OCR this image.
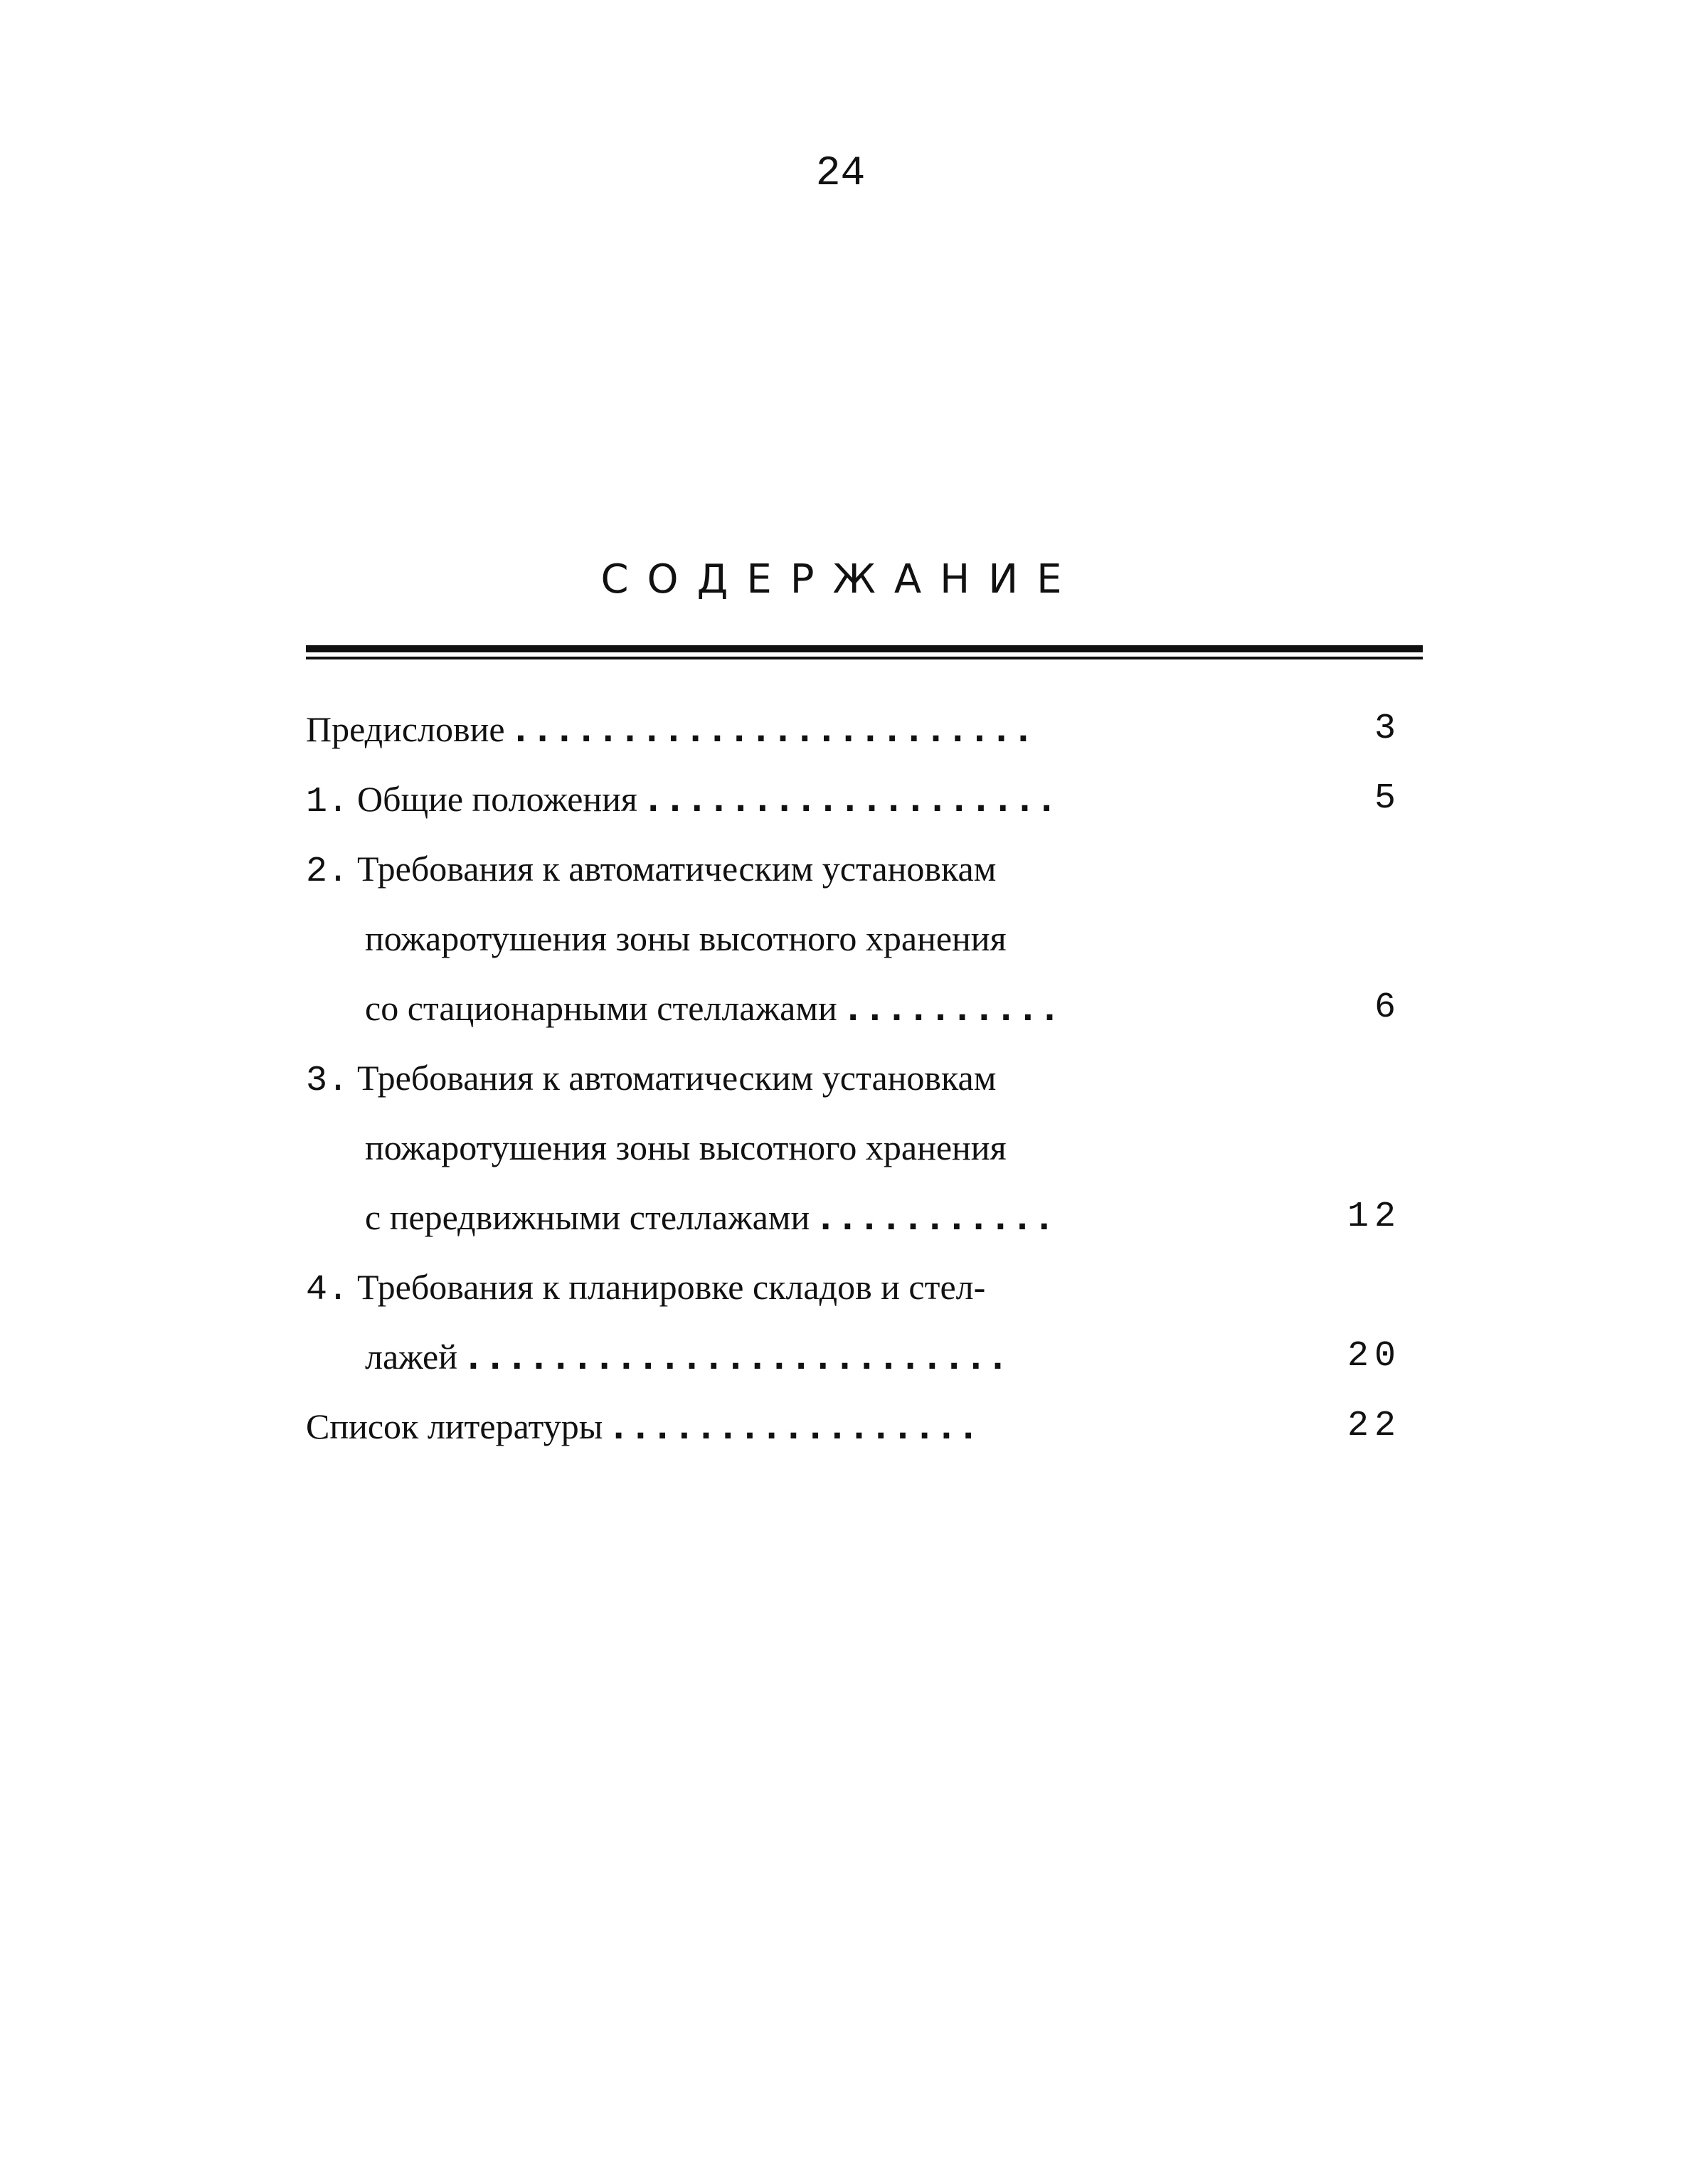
24
СОДЕРЖАНИЕ
Предисловие ........................	3
1. Общие положения ...................	5
2. Требования к автоматическим установкам
пожаротушения зоны высотного хранения
со стационарными стеллажами ..........	6
3. Требования к автоматическим установкам
пожаротушения зоны высотного хранения
с передвижными стеллажами ...........	12
4. Требования к планировке складов и стел-
лажей .........................	20
Список литературы .................	22
